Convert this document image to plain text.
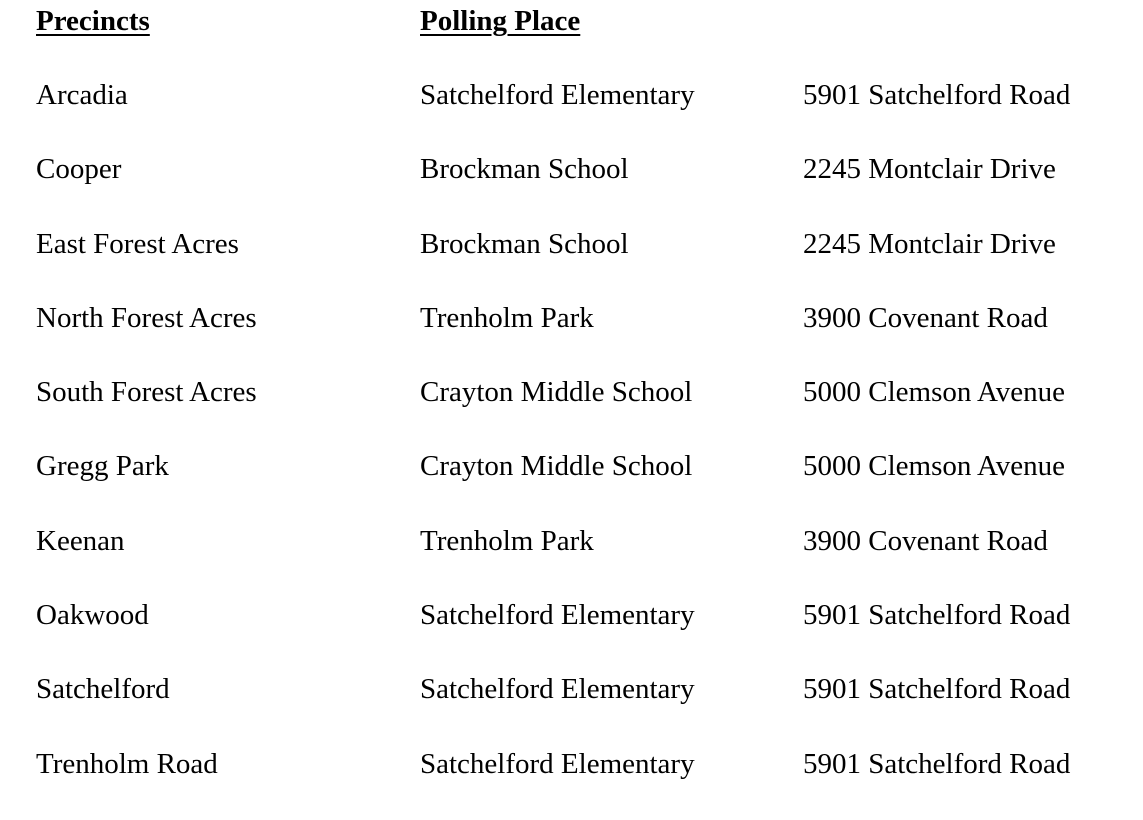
Precincts	Polling Place
Arcadia	Satchelford Elementary	5901 Satchelford Road
Cooper	Brockman School	2245 Montclair Drive
East Forest Acres	Brockman School	2245 Montclair Drive
North Forest Acres	Trenholm Park	3900 Covenant Road
South Forest Acres	Crayton Middle School	5000 Clemson Avenue
Gregg Park	Crayton Middle School	5000 Clemson Avenue
Keenan	Trenholm Park	3900 Covenant Road
Oakwood	Satchelford Elementary	5901 Satchelford Road
Satchelford	Satchelford Elementary	5901 Satchelford Road
Trenholm Road	Satchelford Elementary	5901 Satchelford Road
